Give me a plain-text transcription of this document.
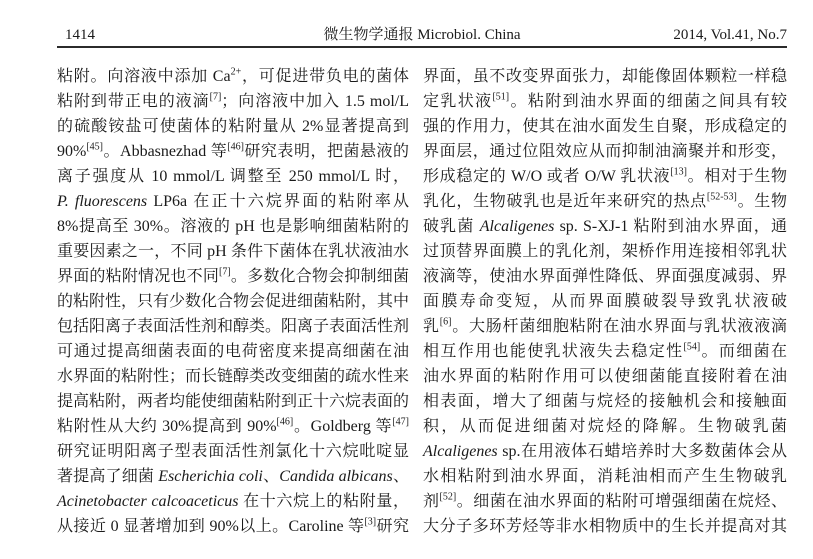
1414	微生物学通报 Microbiol. China	2014, Vol.41, No.7
粘附。向溶液中添加 $Ca^{2+}$，可促进带负电的菌体
粘附到带正电的液滴[7]；向溶液中加入 1.5 mol/L
的硫酸铵盐可使菌体的粘附量从 2%显著提高到
90%[45]。Abbasnezhad 等[46]研究表明，把菌悬液的
离子强度从 10 mmol/L 调整至 250 mmol/L 时，
P. fluorescens LP6a 在正十六烷界面的粘附率从
8%提高至 30%。溶液的 pH 也是影响细菌粘附的
重要因素之一，不同 pH 条件下菌体在乳状液油水
界面的粘附情况也不同[7]。多数化合物会抑制细菌
的粘附性，只有少数化合物会促进细菌粘附，其中
包括阳离子表面活性剂和醇类。阳离子表面活性剂
可通过提高细菌表面的电荷密度来提高细菌在油
水界面的粘附性；而长链醇类改变细菌的疏水性来
提高粘附，两者均能使细菌粘附到正十六烷表面的
粘附性从大约 30%提高到 90%[46]。Goldberg 等[47]
研究证明阳离子型表面活性剂氯化十六烷吡啶显
著提高了细菌 Escherichia coli、Candida albicans、
Acinetobacter calcoaceticus 在十六烷上的粘附量，
从接近 0 显著增加到 90%以上。Caroline 等[3]研究
界面，虽不改变界面张力，却能像固体颗粒一样稳
定乳状液[51]。粘附到油水界面的细菌之间具有较
强的作用力，使其在油水面发生自聚，形成稳定的
界面层，通过位阻效应从而抑制油滴聚并和形变，
形成稳定的 W/O 或者 O/W 乳状液[13]。相对于生物
乳化，生物破乳也是近年来研究的热点[52-53]。生物
破乳菌 Alcaligenes sp. S-XJ-1 粘附到油水界面，通
过顶替界面膜上的乳化剂，架桥作用连接相邻乳状
液滴等，使油水界面弹性降低、界面强度减弱、界
面膜寿命变短，从而界面膜破裂导致乳状液破
乳[6]。大肠杆菌细胞粘附在油水界面与乳状液液滴
相互作用也能使乳状液失去稳定性[54]。而细菌在
油水界面的粘附作用可以使细菌能直接附着在油
相表面，增大了细菌与烷烃的接触机会和接触面
积，从而促进细菌对烷烃的降解。生物破乳菌
Alcaligenes sp.在用液体石蜡培养时大多数菌体会从
水相粘附到油水界面，消耗油相而产生生物破乳
剂[52]。细菌在油水界面的粘附可增强细菌在烷烃、
大分子多环芳烃等非水相物质中的生长并提高对其
